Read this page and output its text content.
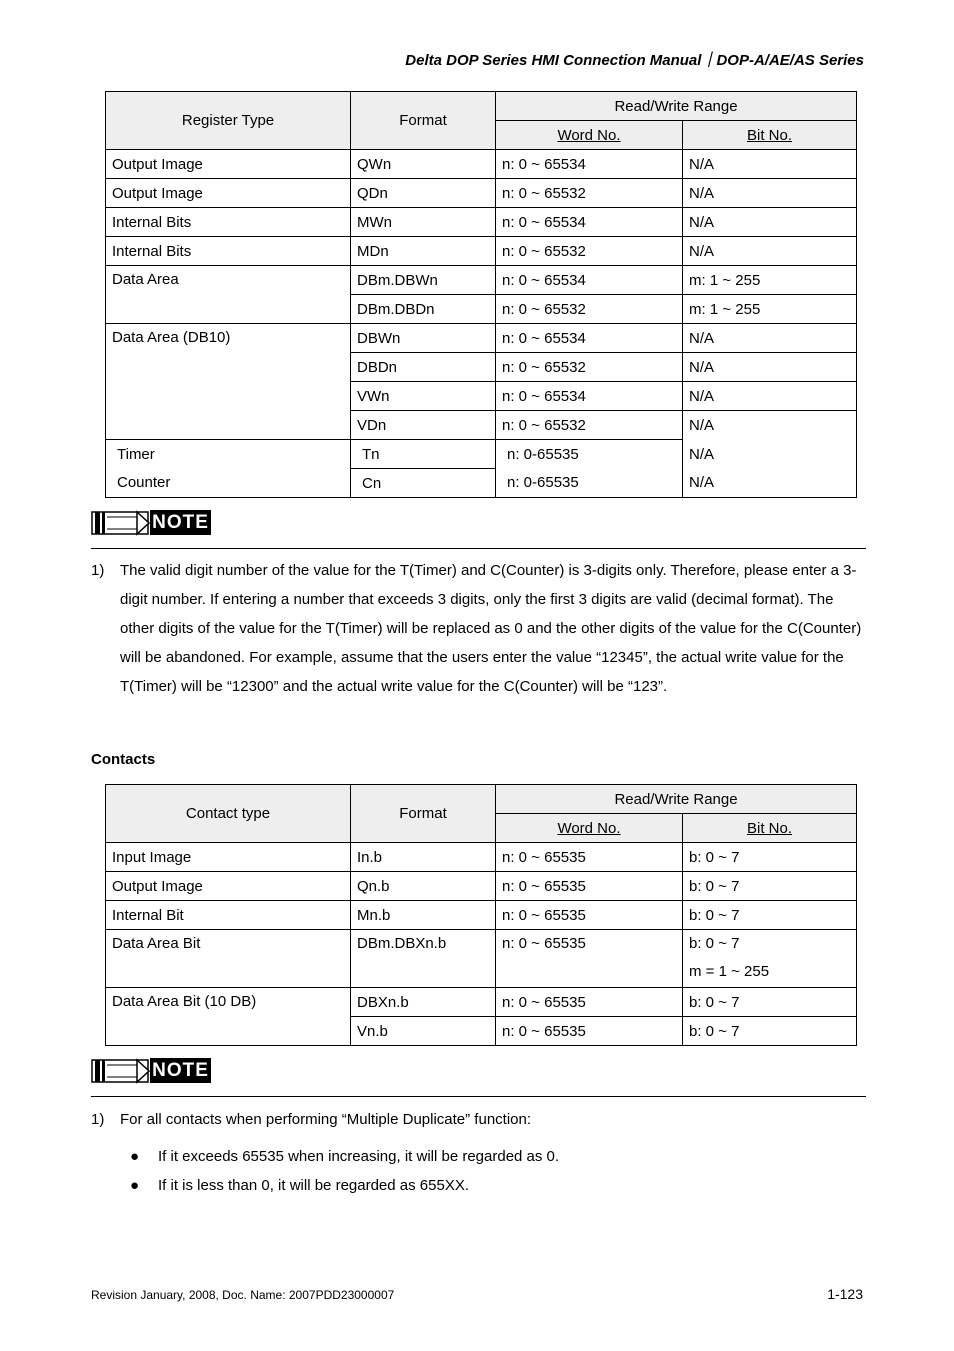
Delta DOP Series HMI Connection Manual｜DOP-A/AE/AS Series
Register Type	Format	Read/Write Range	
		Word No.	Bit No.
Output Image	QWn	n: 0 ~ 65534	N/A
Output Image	QDn	n: 0 ~ 65532	N/A
Internal Bits	MWn	n: 0 ~ 65534	N/A
Internal Bits	MDn	n: 0 ~ 65532	N/A
Data Area	DBm.DBWn	n: 0 ~ 65534	m: 1 ~ 255
	DBm.DBDn	n: 0 ~ 65532	m: 1 ~ 255
Data Area (DB10)	DBWn	n: 0 ~ 65534	N/A
	DBDn	n: 0 ~ 65532	N/A
	VWn	n: 0 ~ 65534	N/A
	VDn	n: 0 ~ 65532	N/A
Timer	Tn	n: 0-65535	N/A
Counter	Cn	n: 0-65535	N/A
NOTE
1) The valid digit number of the value for the T(Timer) and C(Counter) is 3-digits only. Therefore, please enter a 3-digit number. If entering a number that exceeds 3 digits, only the first 3 digits are valid (decimal format). The other digits of the value for the T(Timer) will be replaced as 0 and the other digits of the value for the C(Counter) will be abandoned. For example, assume that the users enter the value “12345”, the actual write value for the T(Timer) will be “12300” and the actual write value for the C(Counter) will be “123”.
Contacts
Contact type	Format	Read/Write Range	
		Word No.	Bit No.
Input Image	In.b	n: 0 ~ 65535	b: 0 ~ 7
Output Image	Qn.b	n: 0 ~ 65535	b: 0 ~ 7
Internal Bit	Mn.b	n: 0 ~ 65535	b: 0 ~ 7
Data Area Bit	DBm.DBXn.b	n: 0 ~ 65535	b: 0 ~ 7
m = 1 ~ 255

Data Area Bit (10 DB)	DBXn.b	n: 0 ~ 65535	b: 0 ~ 7
	Vn.b	n: 0 ~ 65535	b: 0 ~ 7
NOTE
1) For all contacts when performing “Multiple Duplicate” function:
● If it exceeds 65535 when increasing, it will be regarded as 0.
● If it is less than 0, it will be regarded as 655XX.
Revision January, 2008, Doc. Name: 2007PDD23000007	1-123
